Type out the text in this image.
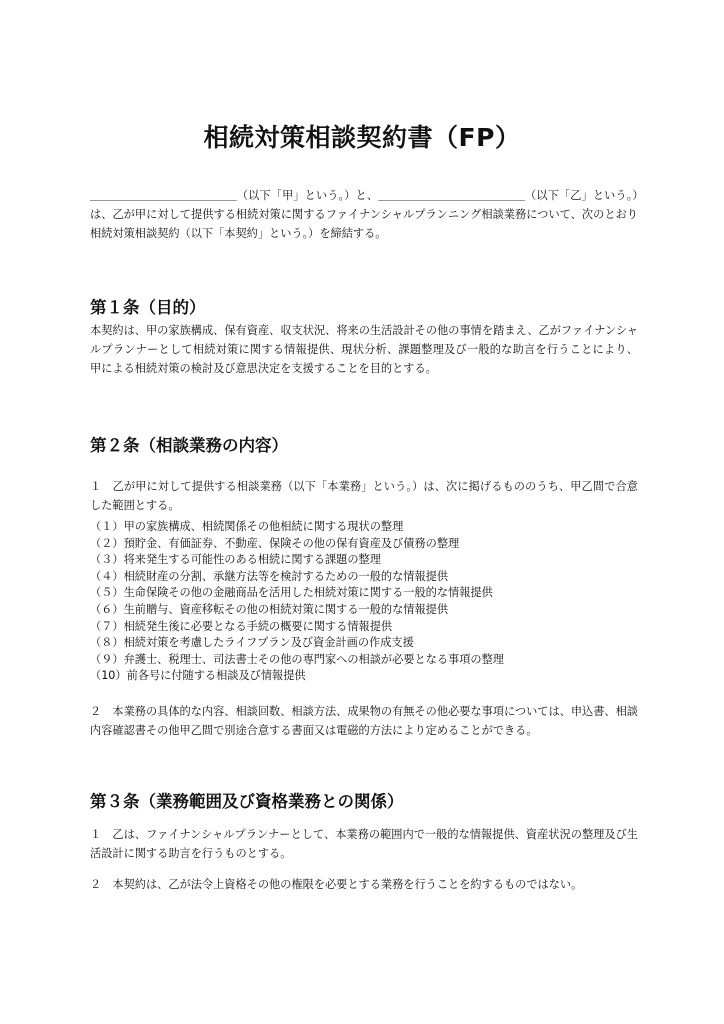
相続対策相談契約書（FP）

＿＿＿＿＿＿＿＿＿＿＿＿＿（以下「甲」という。）と、＿＿＿＿＿＿＿＿＿＿＿＿＿（以下「乙」という。）は、乙が甲に対して提供する相続対策に関するファイナンシャルプランニング相談業務について、次のとおり相続対策相談契約（以下「本契約」という。）を締結する。

第１条（目的）

本契約は、甲の家族構成、保有資産、収支状況、将来の生活設計その他の事情を踏まえ、乙がファイナンシャルプランナーとして相続対策に関する情報提供、現状分析、課題整理及び一般的な助言を行うことにより、甲による相続対策の検討及び意思決定を支援することを目的とする。

第２条（相談業務の内容）

１　乙が甲に対して提供する相談業務（以下「本業務」という。）は、次に掲げるもののうち、甲乙間で合意した範囲とする。

（１）甲の家族構成、相続関係その他相続に関する現状の整理
（２）預貯金、有価証券、不動産、保険その他の保有資産及び債務の整理
（３）将来発生する可能性のある相続に関する課題の整理
（４）相続財産の分割、承継方法等を検討するための一般的な情報提供
（５）生命保険その他の金融商品を活用した相続対策に関する一般的な情報提供
（６）生前贈与、資産移転その他の相続対策に関する一般的な情報提供
（７）相続発生後に必要となる手続の概要に関する情報提供
（８）相続対策を考慮したライフプラン及び資金計画の作成支援
（９）弁護士、税理士、司法書士その他の専門家への相談が必要となる事項の整理
（10）前各号に付随する相談及び情報提供

２　本業務の具体的な内容、相談回数、相談方法、成果物の有無その他必要な事項については、申込書、相談内容確認書その他甲乙間で別途合意する書面又は電磁的方法により定めることができる。

第３条（業務範囲及び資格業務との関係）

１　乙は、ファイナンシャルプランナーとして、本業務の範囲内で一般的な情報提供、資産状況の整理及び生活設計に関する助言を行うものとする。

２　本契約は、乙が法令上資格その他の権限を必要とする業務を行うことを約するものではない。
